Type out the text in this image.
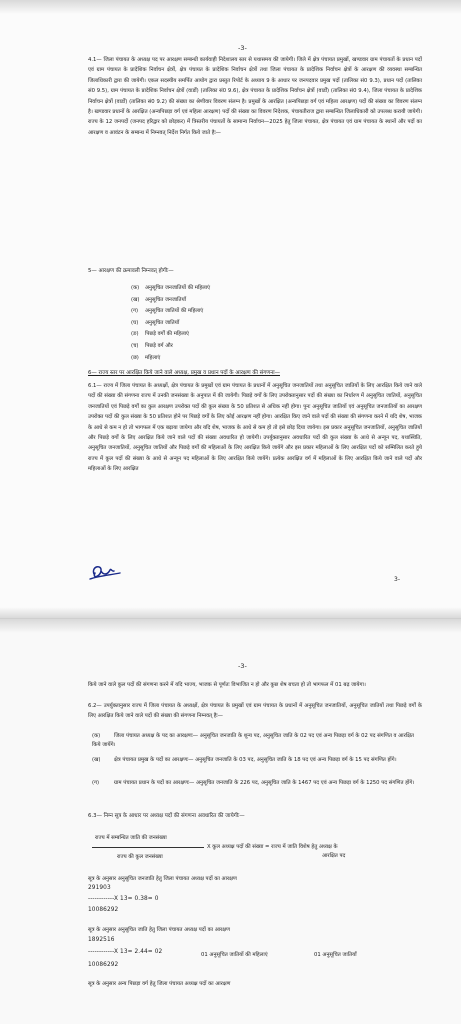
-3-

4.1— जिला पंचायत के अध्यक्ष पद पर आरक्षण सम्बन्धी कार्यवाही निदेशालय स्तर से यथासमय की जायेगी। जिले में क्षेत्र पंचायत प्रमुखों, खण्डवार ग्राम पंचायतों के प्रधान पदों एवं ग्राम पंचायत के प्रादेशिक निर्वाचन क्षेत्रों, क्षेत्र पंचायत के प्रादेशिक निर्वाचन क्षेत्रों तथा जिला पंचायत के प्रादेशिक निर्वाचन क्षेत्रों के आरक्षण की व्यवस्था सम्बन्धित जिलाधिकारी द्वारा की जायेगी। एकल सदस्यीय समर्पित आयोग द्वारा प्रस्तुत रिपोर्ट के अध्याय 9 के आधार पर जनपदवार प्रमुख पदों (तालिका सं0 9.3), प्रधान पदों (तालिका सं0 9.5), ग्राम पंचायत के प्रादेशिक निर्वाचन क्षेत्रों (वार्डों) (तालिका सं0 9.6), क्षेत्र पंचायत के प्रादेशिक निर्वाचन क्षेत्रों (वार्डों) (तालिका सं0 9.4), जिला पंचायत के प्रादेशिक निर्वाचन क्षेत्रों (वार्डों) (तालिका सं0 9.2) की संख्या का श्रेणीवार विवरण संलग्न है। प्रमुखों के आरक्षित (अन्यपिछड़ा वर्ग एवं महिला आरक्षण) पदों की संख्या का विवरण संलग्न है। खण्डवार प्रधानों के आरक्षित (अन्यपिछड़ा वर्ग एवं महिला आरक्षण) पदों की संख्या का विवरण निदेशक, पंचायतीराज द्वारा सम्बन्धित जिलाधिकारी को उपलब्ध करायी जायेगी। राज्य के 12 जनपदों (जनपद हरिद्वार को छोड़कर) में त्रिस्तरीय पंचायतों के सामान्य निर्वाचन—2025 हेतु जिला पंचायत, क्षेत्र पंचायत एवं ग्राम पंचायत के स्थानों और पदों का आरक्षण व आवंटन के सम्बन्ध में निम्नवत् निर्देश निर्गत किये जाते हैः—

5— आरक्षण की क्रमावली निम्नवत् होगीः—

(क) अनुसूचित जनजातियों की महिलाएं
(ख) अनुसूचित जनजातियाँ
(ग) अनुसूचित जातियों की महिलाएं
(घ) अनुसूचित जातियाँ
(ङ) पिछड़े वर्गों की महिलाएं
(च) पिछड़े वर्ग और
(छ) महिलाएं

6— राज्य स्तर पर आरक्षित किये जाने वाले अध्यक्ष, प्रमुख व प्रधान पदों के आरक्षण की संगणना—

6.1— राज्य में जिला पंचायत के अध्यक्षों, क्षेत्र पंचायत के प्रमुखों एवं ग्राम पंचायत के प्रधानों में अनुसूचित जनजातियों तथा अनुसूचित जातियों के लिए आरक्षित किये जाने वाले पदों की संख्या की संगणना राज्य में उनकी जनसंख्या के अनुपात में की जायेगी। पिछड़े वर्गों के लिए उपरोक्तानुसार पदों की संख्या का निर्धारण में अनुसूचित जातियों, अनुसूचित जनजातियों एवं पिछड़े वर्गों का कुल आरक्षण उपरोक्त पदों की कुल संख्या के 50 प्रतिशत से अधिक नहीं होगा। पुनः अनुसूचित जातियों एवं अनुसूचित जनजातियों का आरक्षण उपरोक्त पदों की कुल संख्या के 50 प्रतिशत होने पर पिछड़े वर्गों के लिए कोई आरक्षण नहीं होगा। आरक्षित किए जाने वाले पदों की संख्या की संगणना करने में यदि शेष, भाजक के आधे से कम न हो तो भागफल में एक बढ़ाया जायेगा और यदि शेष, भाजक के आधे से कम हो तो इसे छोड़ दिया जायेगा। इस प्रकार अनुसूचित जनजातियों, अनुसूचित जातियों और पिछड़े वर्गों के लिए आरक्षित किये जाने वाले पदों की संख्या अवधारित हो जायेगी। उपर्युक्तानुसार अवधारित पदों की कुल संख्या के आधे से अन्यून पद, यथास्थिति, अनुसूचित जनजातियों, अनुसूचित जातियों और पिछड़े वर्गों की महिलाओं के लिए आरक्षित किये जायेंगे और इस प्रकार महिलाओं के लिए आरक्षित पदों को सम्मिलित करते हुये राज्य में कुल पदों की संख्या के आधे से अन्यून पद महिलाओं के लिए आरक्षित किये जायेंगे। प्रत्येक आरक्षित वर्ग में महिलाओं के लिए आरक्षित किये जाने वाले पदों और महिलाओं के लिए आरक्षित

3-
-3-

किये जाने वाले कुल पदों की संगणना करने में यदि भाज्य, भाजक से पूर्णतः विभाजित न हो और कुछ शेष बचता हो तो भागफल में 01 बढ़ जायेगा।

6.2— उपर्युक्तानुसार राज्य में जिला पंचायत के अध्यक्षों, क्षेत्र पंचायत के प्रमुखों एवं ग्राम पंचायत के प्रधानों में अनुसूचित जनजातियों, अनुसूचित जातियों तथा पिछड़े वर्गों के लिए आरक्षित किये जाने वाले पदों की संख्या की संगणना निम्नवत् हैः—

(क)	जिला पंचायत अध्यक्ष के पद का आरक्षणः— अनुसूचित जनजाति के शून्य पद, अनुसूचित जाति के 02 पद एवं अन्य पिछड़ा वर्ग के 02 पद संगणित व आरक्षित किये जायेंगे।
(ख)	क्षेत्र पंचायत प्रमुख के पदों का आरक्षणः— अनुसूचित जनजाति के 03 पद, अनुसूचित जाति के 18 पद एवं अन्य पिछड़ा वर्ग के 15 पद संगणित होंगे।
(ग)	ग्राम पंचायत प्रधान के पदों का आरक्षणः— अनुसूचित जनजाति के 226 पद, अनुसूचित जाति के 1467 पद एवं अन्य पिछड़ा वर्ग के 1250 पद संगणित होंगे।

6.3— निम्न सूत्र के आधार पर अध्यक्ष पदों की संगणना अवधारित की जायेगीः—

राज्य में सम्बन्धित जाति की जनसंख्या
X कुल अध्यक्ष पदों की संख्या = राज्य में जाति विशेष हेतु अध्यक्ष के
राज्य की कुल जनसंख्या	आरक्षित पद
सूत्र के अनुसार अनुसूचित जनजाति हेतु जिला पंचायत अध्यक्ष पदों का आरक्षण
291903
------------X 13= 0.38= 0
10086292
सूत्र के अनुसार अनुसूचित जाति हेतु जिला पंचायत अध्यक्ष पदों का आरक्षण
1892516
------------X 13= 2.44= 02	01 अनुसूचित जातियों की महिलाएं	01 अनुसूचित जातियाँ
10086292
सूत्र के अनुसार अन्य पिछड़ा वर्ग हेतु जिला पंचायत अध्यक्ष पदों का आरक्षण
